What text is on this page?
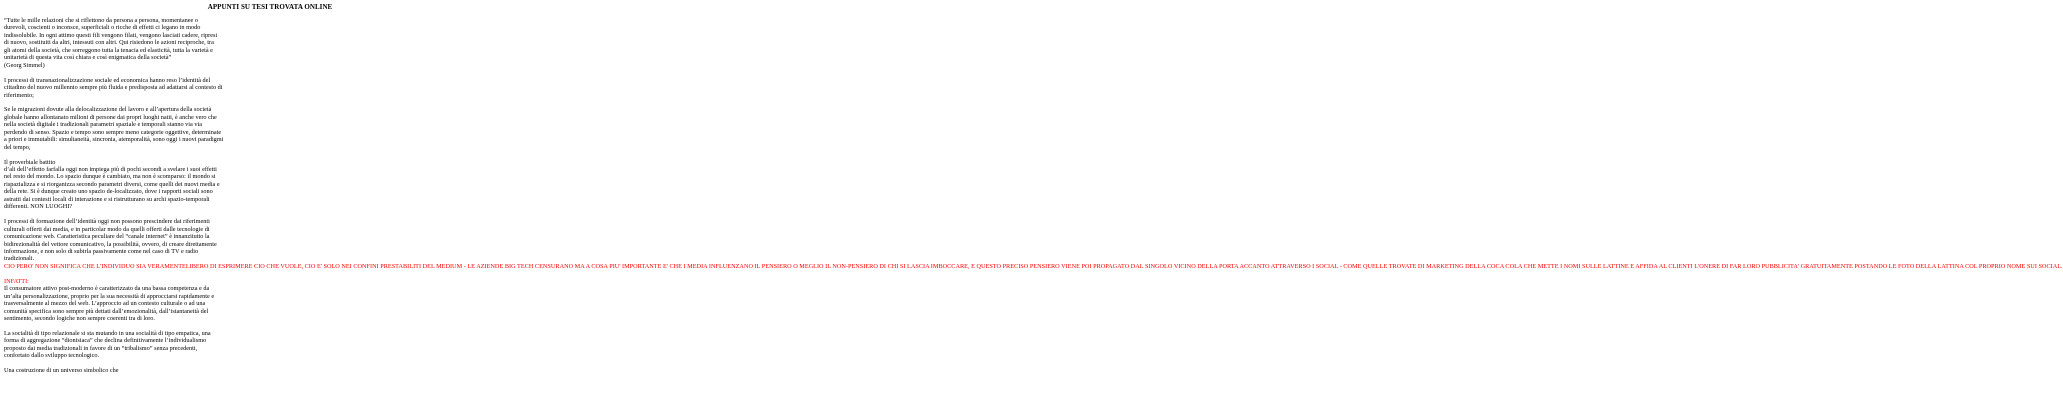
APPUNTI SU TESI TROVATA ONLINE

“Tutte le mille relazioni che si riflettono da persona a persona, momentanee o
durevoli, coscienti o inconsce, superficiali o ricche di effetti ci legano in modo
indissolubile. In ogni attimo questi fili vengono filati, vengono lasciati cadere, ripresi
di nuovo, sostituiti da altri, intessuti con altri. Qui risiedono le azioni reciproche, tra
gli atomi della società, che sorreggono tutta la tenacia ed elasticità, tutta la varietà e
unitarietà di questa vita così chiara e così enigmatica della società”
(Georg Simmel)

I processi di transnazionalizzazione sociale ed economica hanno reso l’identità del
cittadino del nuovo millennio sempre più fluida e predisposta ad adattarsi al contesto di
riferimento;

Se le migrazioni dovute alla delocalizzazione del lavoro e all’apertura della società
globale hanno allontanato milioni di persone dai propri luoghi natii, è anche vero che
nella società digitale i tradizionali parametri spaziale e temporali stanno via via
perdendo di senso. Spazio e tempo sono sempre meno categorie oggettive, determinate
a priori e immutabili: simultaneità, sincronia, atemporalità, sono oggi i nuovi paradigmi
del tempo,

Il proverbiale battito
d’ali dell’effetto farfalla oggi non impiega più di pochi secondi a svelare i suoi effetti
nel resto del mondo. Lo spazio dunque è cambiato, ma non è scomparso: il mondo si
rispazializza e si riorganizza secondo parametri diversi, come quelli dei nuovi media e
della rete. Si è dunque creato uno spazio de-localizzato, dove i rapporti sociali sono
astratti dai contesti locali di interazione e si ristrutturano su archi spazio-temporali
differenti. NON LUOGHI?

I processi di formazione dell’identità oggi non possono prescindere dai riferimenti
culturali offerti dai media, e in particolar modo da quelli offerti dalle tecnologie di
comunicazione web. Caratteristica peculiare del “canale internet” è innanzitutto la
bidirezionalità del vettore comunicativo, la possibilità, ovvero, di creare direttamente
informazione, e non solo di subirla passivamente come nel caso di TV e radio

tradizionali. CIO PERO' NON SIGNIFICA CHE L'INDIVIDUO SIA VERAMENTELIBERO DI ESPRIMERE CIO CHE VUOLE, CIO E' SOLO NEI CONFINI PRESTABILITI DEL MEDIUM - LE AZIENDE BIG TECH CENSURANO MA A COSA PIU' IMPORTANTE E' CHE I MEDIA INFLUENZANO IL PENSIERO O MEGLIO IL NON-PENSIERO DI CHI SI LASCIA IMBOCCARE, E QUESTO PRECISO PENSIERO VIENE POI PROPAGATO DAL SINGOLO VICINO DELLA PORTA ACCANTO ATTRAVERSO I SOCIAL - COME QUELLE TROVATE DI MARKETING DELLA COCA COLA CHE METTE I NOMI SULLE LATTINE E AFFIDA AL CLIENTI L'ONERE DI FAR LORO PUBBLICITA' GRATUITAMENTE POSTANDO LE FOTO DELLA LATTINA COL PROPRIO NOME SUI SOCIAL.

INFATTI:

Il consumatore attivo post-moderno è caratterizzato da una bassa competenza e da
un’alta personalizzazione, proprio per la sua necessità di approcciarsi rapidamente e
trasversalmente al mezzo del web. L’approccio ad un contesto culturale o ad una
comunità specifica sono sempre più dettati dall’emozionalità, dall’istantaneità del
sentimento, secondo logiche non sempre coerenti tra di loro.

La socialità di tipo relazionale si sta mutando in una socialità di tipo empatica, una
forma di aggregazione “dionisiaca” che declina definitivamente l’individualismo
proposto dai media tradizionali in favore di un “tribalismo” senza precedenti,
confortato dallo sviluppo tecnologico.

Una costruzione di un universo simbolico che
